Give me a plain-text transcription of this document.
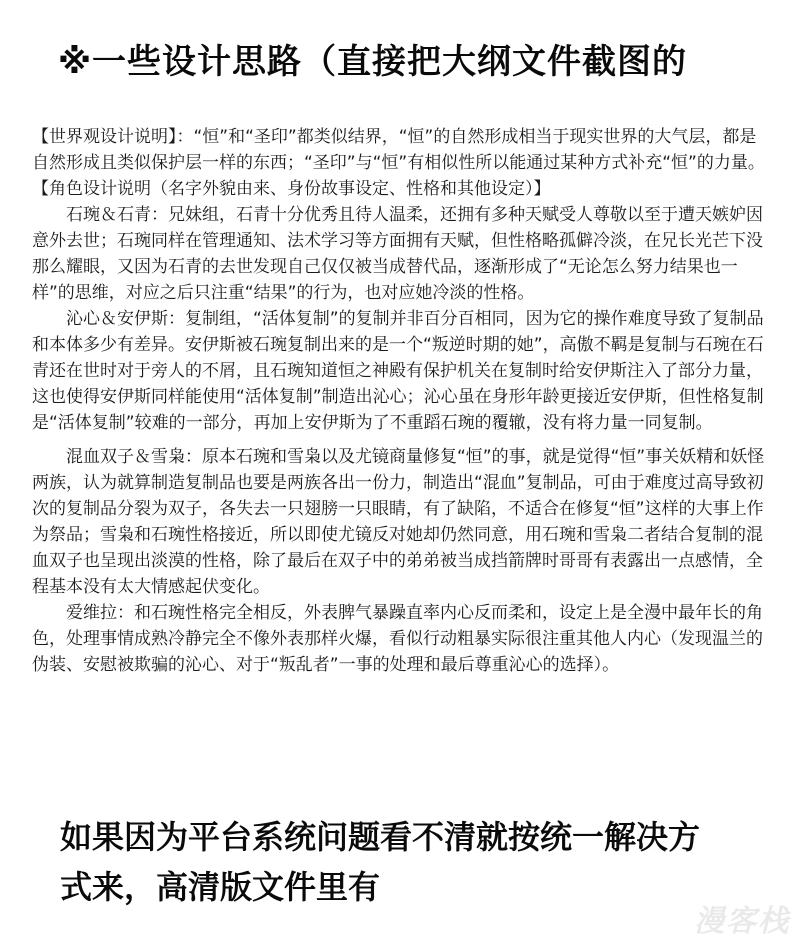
※一些设计思路（直接把大纲文件截图的

【世界观设计说明】：“恒”和“圣印”都类似结界，“恒”的自然形成相当于现实世界的大气层，都是自然形成且类似保护层一样的东西；“圣印”与“恒”有相似性所以能通过某种方式补充“恒”的力量。

【角色设计说明（名字外貌由来、身份故事设定、性格和其他设定）】

石琬＆石青：兄妹组，石青十分优秀且待人温柔，还拥有多种天赋受人尊敬以至于遭天嫉妒因意外去世；石琬同样在管理通知、法术学习等方面拥有天赋，但性格略孤僻冷淡，在兄长光芒下没那么耀眼，又因为石青的去世发现自己仅仅被当成替代品，逐渐形成了“无论怎么努力结果也一样”的思维，对应之后只注重“结果”的行为，也对应她冷淡的性格。

沁心＆安伊斯：复制组，“活体复制”的复制并非百分百相同，因为它的操作难度导致了复制品和本体多少有差异。安伊斯被石琬复制出来的是一个“叛逆时期的她”，高傲不羁是复制与石琬在石青还在世时对于旁人的不屑，且石琬知道恒之神殿有保护机关在复制时给安伊斯注入了部分力量，这也使得安伊斯同样能使用“活体复制”制造出沁心；沁心虽在身形年龄更接近安伊斯，但性格复制是“活体复制”较难的一部分，再加上安伊斯为了不重蹈石琬的覆辙，没有将力量一同复制。

混血双子＆雪枭：原本石琬和雪枭以及尤镜商量修复“恒”的事，就是觉得“恒”事关妖精和妖怪两族，认为就算制造复制品也要是两族各出一份力，制造出“混血”复制品，可由于难度过高导致初次的复制品分裂为双子，各失去一只翅膀一只眼睛，有了缺陷，不适合在修复“恒”这样的大事上作为祭品；雪枭和石琬性格接近，所以即使尤镜反对她却仍然同意，用石琬和雪枭二者结合复制的混血双子也呈现出淡漠的性格，除了最后在双子中的弟弟被当成挡箭牌时哥哥有表露出一点感情，全程基本没有太大情感起伏变化。

爱维拉：和石琬性格完全相反，外表脾气暴躁直率内心反而柔和，设定上是全漫中最年长的角色，处理事情成熟冷静完全不像外表那样火爆，看似行动粗暴实际很注重其他人内心（发现温兰的伪装、安慰被欺骗的沁心、对于“叛乱者”一事的处理和最后尊重沁心的选择）。

如果因为平台系统问题看不清就按统一解决方
式来，高清版文件里有
漫客栈
